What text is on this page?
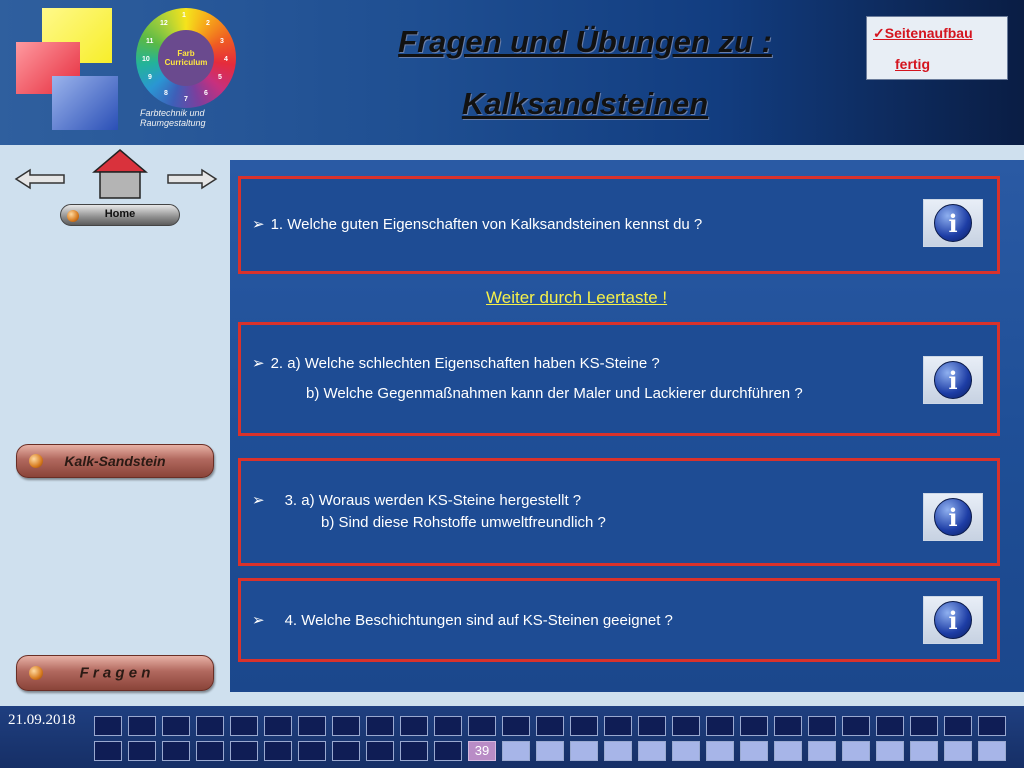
1
2
3
4
5
6
7
8
9
10
11
12
Farb Curriculum
Farbtechnik und Raumgestaltung
Fragen und Übungen zu :
Kalksandsteinen
✓Seitenaufbau
fertig
Home
Kalk-Sandstein
F r a g e n
➢ 1. Welche guten Eigenschaften von Kalksandsteinen kennst du ?	i
Weiter durch Leertaste !
➢ 2. a) Welche schlechten Eigenschaften haben KS-Steine ?
b) Welche Gegenmaßnahmen kann der Maler und Lackierer durchführen ?	i
➢ 3. a) Woraus werden KS-Steine hergestellt ?
b) Sind diese Rohstoffe umweltfreundlich ?	i
➢ 4. Welche Beschichtungen sind auf KS-Steinen geeignet ?	i
21.09.2018
39
